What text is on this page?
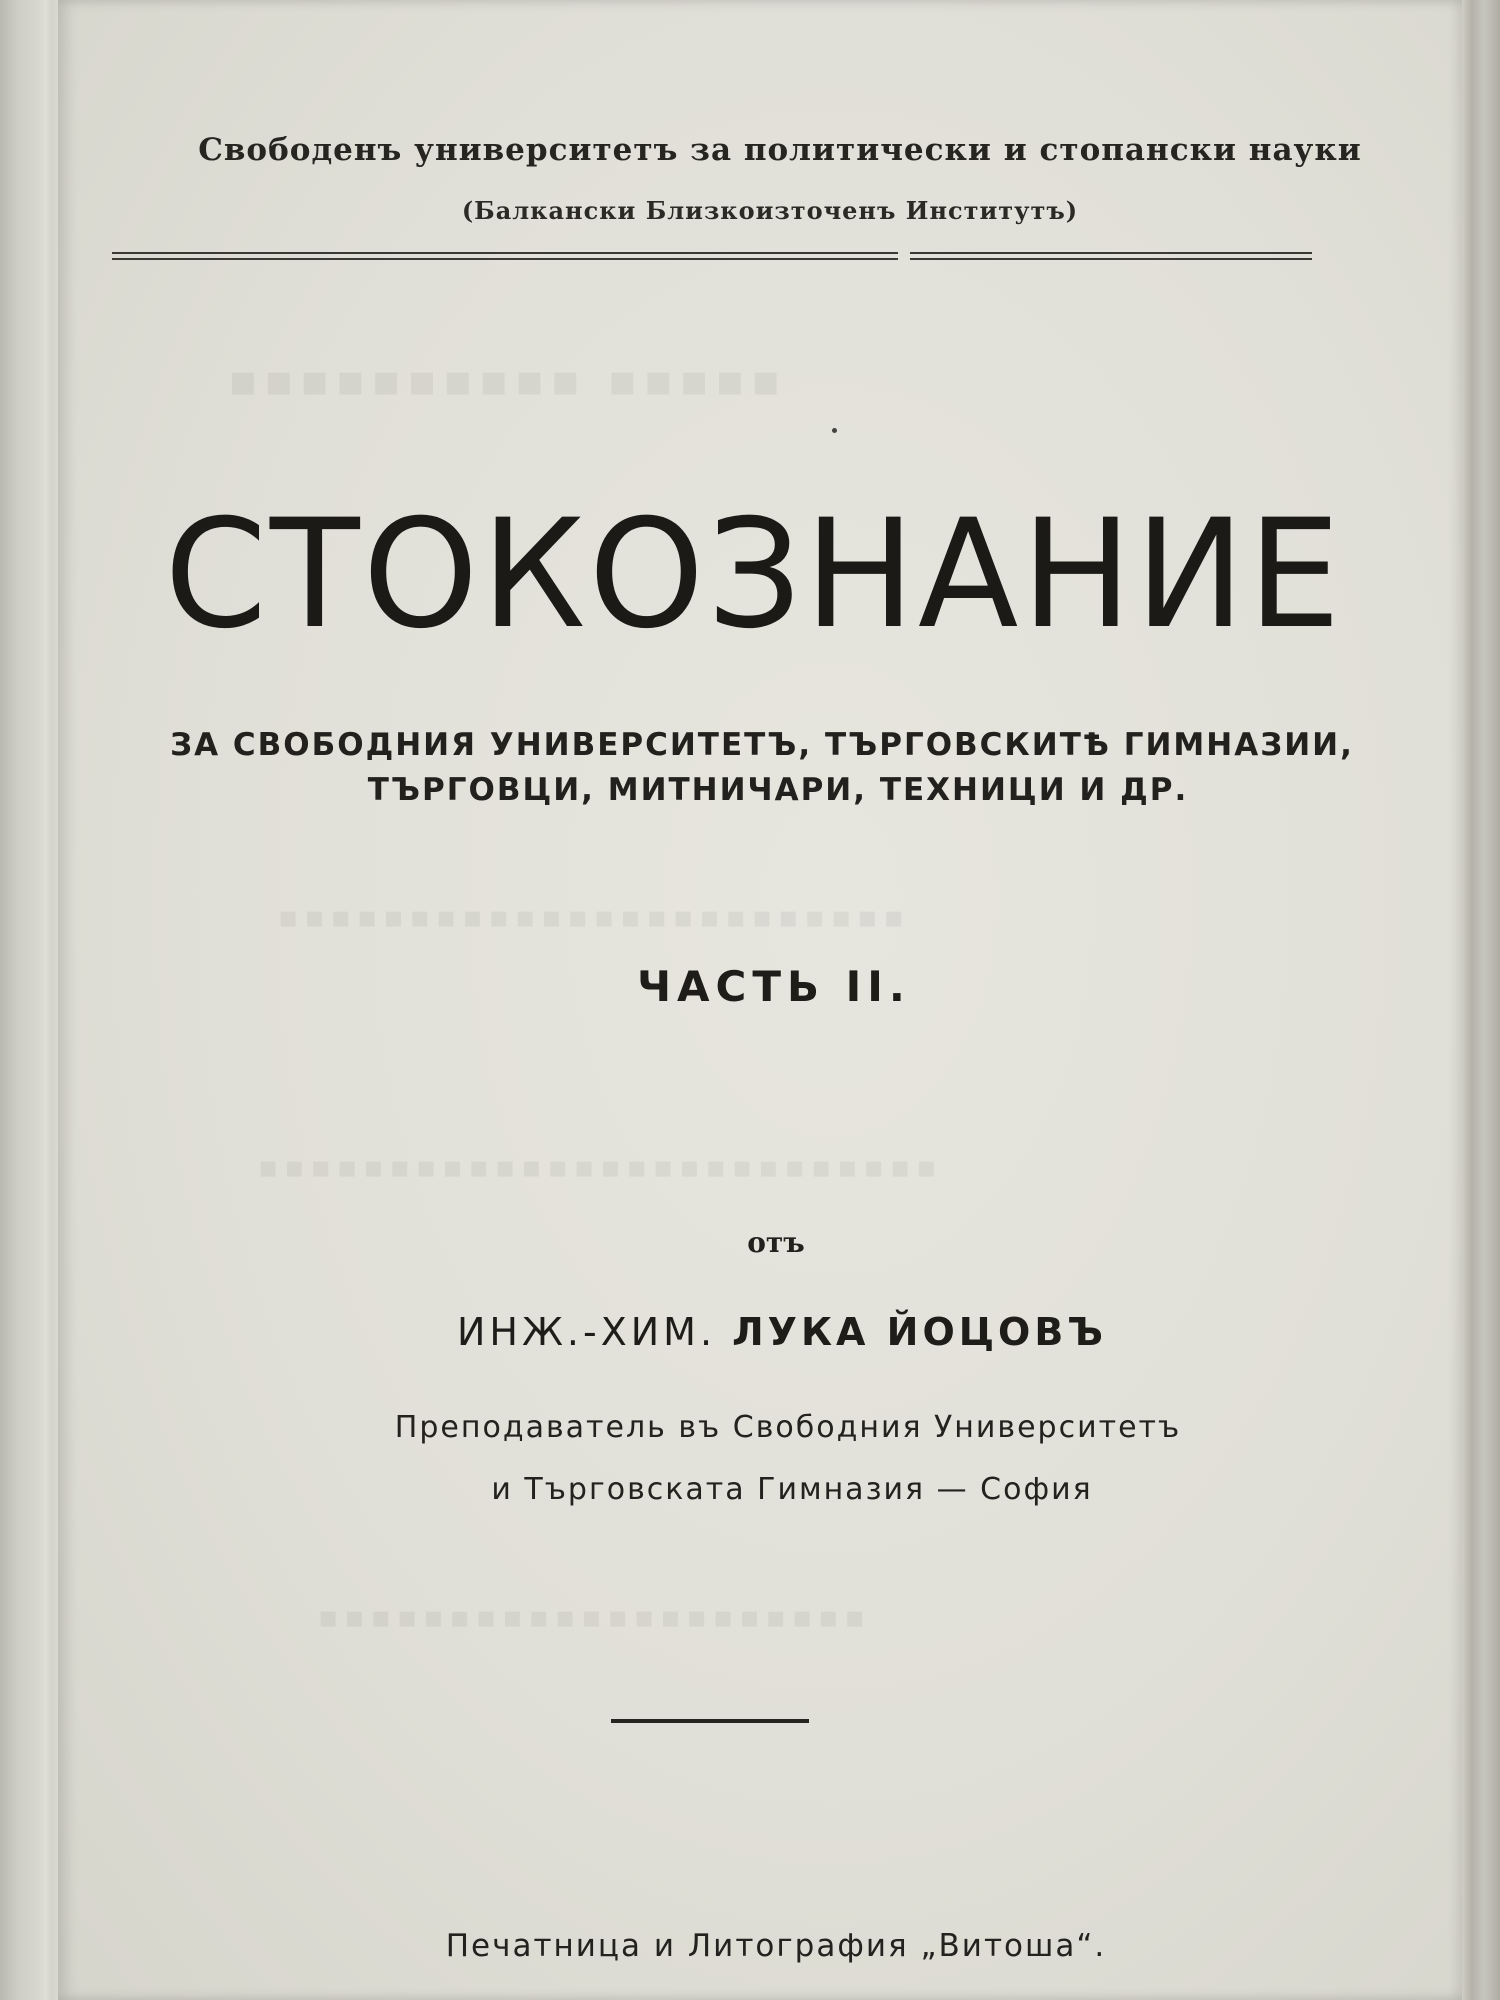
▪▪▪▪▪▪▪▪▪▪ ▪▪▪▪▪
▪▪▪▪▪▪▪▪▪▪▪▪▪▪▪▪▪▪▪▪▪▪▪▪
▪▪▪▪▪▪▪▪▪▪▪▪▪▪▪▪▪▪▪▪▪▪▪▪▪▪
▪▪▪▪▪▪▪▪▪▪▪▪▪▪▪▪▪▪▪▪▪
Свободенъ университетъ за политически и стопански науки
(Балкански Близкоизточенъ Институтъ)
СТОКОЗНАНИЕ
ЗА СВОБОДНИЯ УНИВЕРСИТЕТЪ, ТЪРГОВСКИТѢ ГИМНАЗИИ,
ТЪРГОВЦИ, МИТНИЧАРИ, ТЕХНИЦИ И ДР.
ЧАСТЬ II.
отъ
ИНЖ.-ХИМ. ЛУКА ЙОЦОВЪ
Преподаватель въ Свободния Университетъ
и Търговската Гимназия — София
Печатница и Литография „Витоша“.
